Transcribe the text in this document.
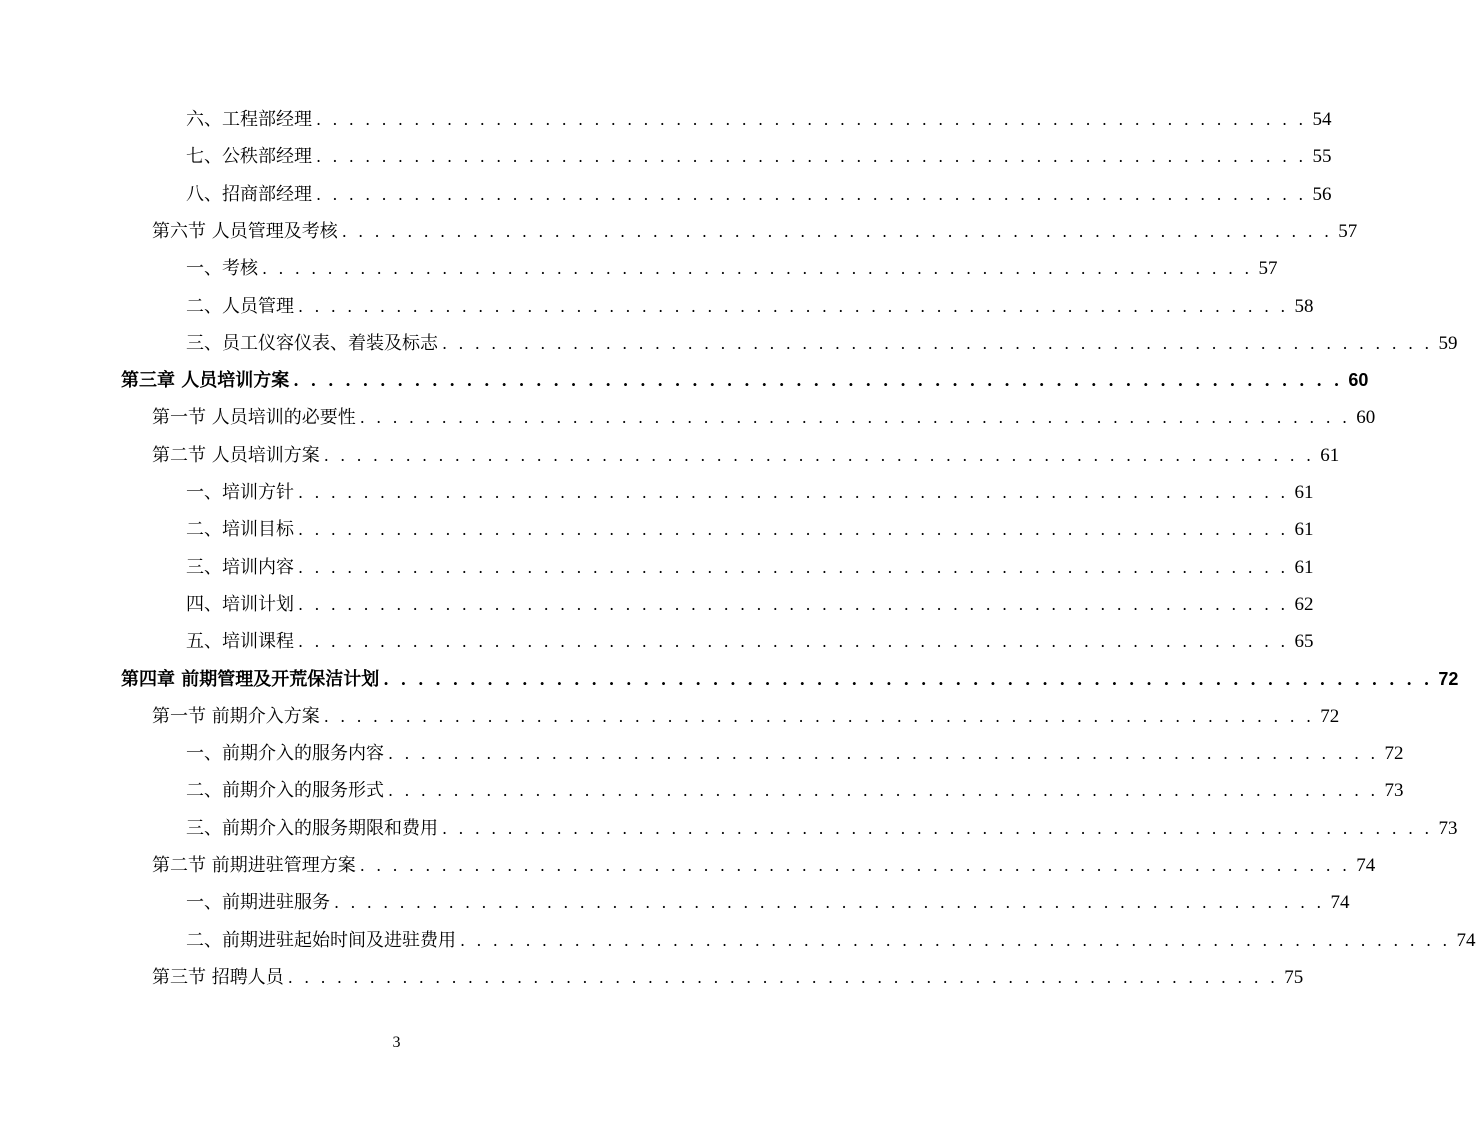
六、工程部经理 . . . . . . . . . . . . . . . . . . . . . . . . . . . . . . . . . . . . . . . . . . . . . . . . . . . . . . . . . . . . . 54
七、公秩部经理 . . . . . . . . . . . . . . . . . . . . . . . . . . . . . . . . . . . . . . . . . . . . . . . . . . . . . . . . . . . . . 55
八、招商部经理 . . . . . . . . . . . . . . . . . . . . . . . . . . . . . . . . . . . . . . . . . . . . . . . . . . . . . . . . . . . . . 56
第六节 人员管理及考核 . . . . . . . . . . . . . . . . . . . . . . . . . . . . . . . . . . . . . . . . . . . . . . . . . . . . . . . . . . . . . 57
一、考核 . . . . . . . . . . . . . . . . . . . . . . . . . . . . . . . . . . . . . . . . . . . . . . . . . . . . . . . . . . . . . 57
二、人员管理 . . . . . . . . . . . . . . . . . . . . . . . . . . . . . . . . . . . . . . . . . . . . . . . . . . . . . . . . . . . . . 58
三、员工仪容仪表、着装及标志 . . . . . . . . . . . . . . . . . . . . . . . . . . . . . . . . . . . . . . . . . . . . . . . . . . . . . . . . . . . . . 59
第三章 人员培训方案 . . . . . . . . . . . . . . . . . . . . . . . . . . . . . . . . . . . . . . . . . . . . . . . . . . . . . . . . . . . . . 60
第一节 人员培训的必要性 . . . . . . . . . . . . . . . . . . . . . . . . . . . . . . . . . . . . . . . . . . . . . . . . . . . . . . . . . . . . . 60
第二节 人员培训方案 . . . . . . . . . . . . . . . . . . . . . . . . . . . . . . . . . . . . . . . . . . . . . . . . . . . . . . . . . . . . . 61
一、培训方针 . . . . . . . . . . . . . . . . . . . . . . . . . . . . . . . . . . . . . . . . . . . . . . . . . . . . . . . . . . . . . 61
二、培训目标 . . . . . . . . . . . . . . . . . . . . . . . . . . . . . . . . . . . . . . . . . . . . . . . . . . . . . . . . . . . . . 61
三、培训内容 . . . . . . . . . . . . . . . . . . . . . . . . . . . . . . . . . . . . . . . . . . . . . . . . . . . . . . . . . . . . . 61
四、培训计划 . . . . . . . . . . . . . . . . . . . . . . . . . . . . . . . . . . . . . . . . . . . . . . . . . . . . . . . . . . . . . 62
五、培训课程 . . . . . . . . . . . . . . . . . . . . . . . . . . . . . . . . . . . . . . . . . . . . . . . . . . . . . . . . . . . . . 65
第四章 前期管理及开荒保洁计划 . . . . . . . . . . . . . . . . . . . . . . . . . . . . . . . . . . . . . . . . . . . . . . . . . . . . . . . . . . . . . 72
第一节 前期介入方案 . . . . . . . . . . . . . . . . . . . . . . . . . . . . . . . . . . . . . . . . . . . . . . . . . . . . . . . . . . . . . 72
一、前期介入的服务内容 . . . . . . . . . . . . . . . . . . . . . . . . . . . . . . . . . . . . . . . . . . . . . . . . . . . . . . . . . . . . . 72
二、前期介入的服务形式 . . . . . . . . . . . . . . . . . . . . . . . . . . . . . . . . . . . . . . . . . . . . . . . . . . . . . . . . . . . . . 73
三、前期介入的服务期限和费用 . . . . . . . . . . . . . . . . . . . . . . . . . . . . . . . . . . . . . . . . . . . . . . . . . . . . . . . . . . . . . 73
第二节 前期进驻管理方案 . . . . . . . . . . . . . . . . . . . . . . . . . . . . . . . . . . . . . . . . . . . . . . . . . . . . . . . . . . . . . 74
一、前期进驻服务 . . . . . . . . . . . . . . . . . . . . . . . . . . . . . . . . . . . . . . . . . . . . . . . . . . . . . . . . . . . . . 74
二、前期进驻起始时间及进驻费用 . . . . . . . . . . . . . . . . . . . . . . . . . . . . . . . . . . . . . . . . . . . . . . . . . . . . . . . . . . . . . 74
第三节 招聘人员 . . . . . . . . . . . . . . . . . . . . . . . . . . . . . . . . . . . . . . . . . . . . . . . . . . . . . . . . . . . . . 75
3
